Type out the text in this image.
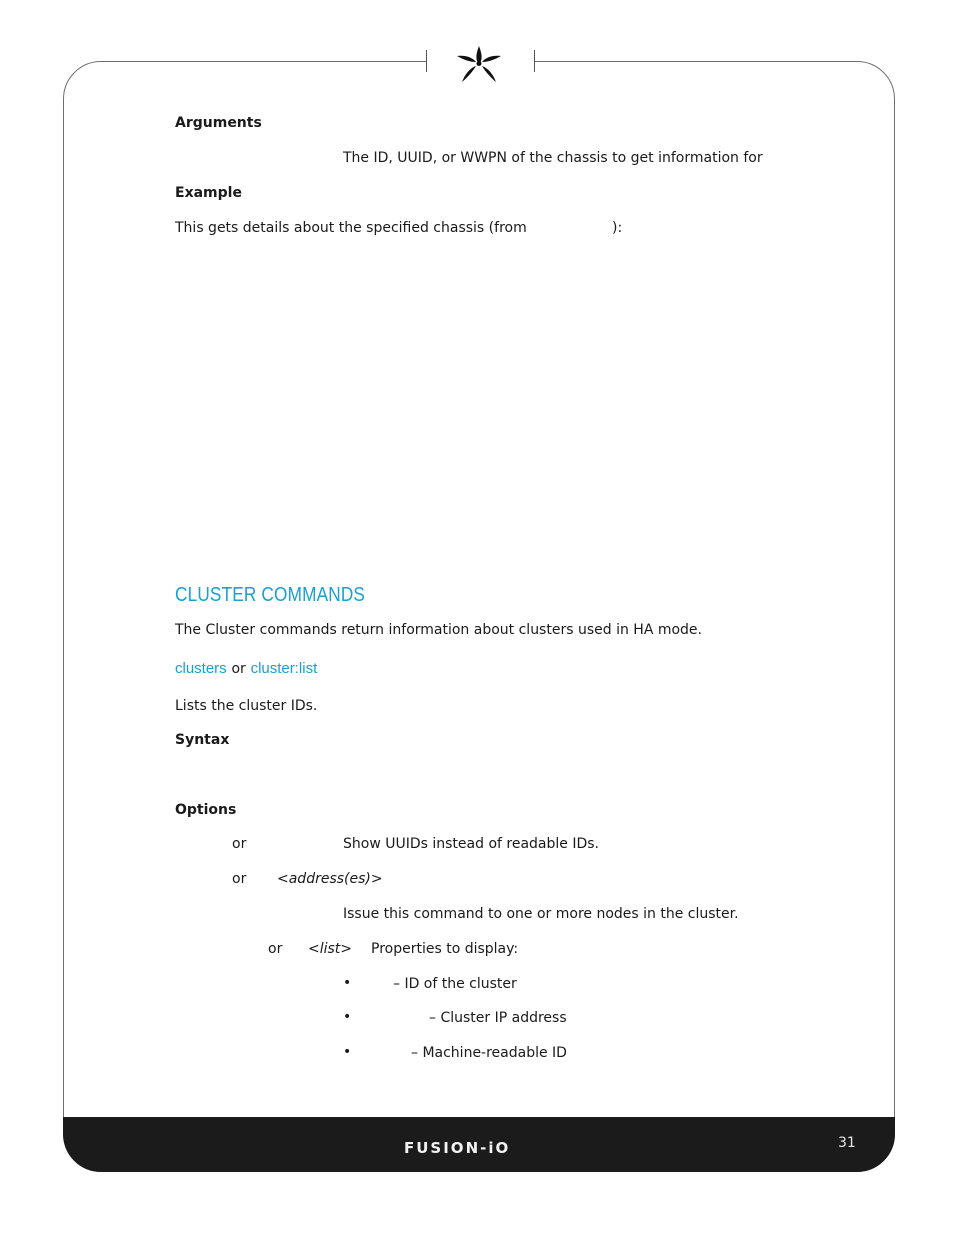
Arguments
The ID, UUID, or WWPN of the chassis to get information for
Example
This gets details about the specified chassis (from	):
CLUSTER COMMANDS
The Cluster commands return information about clusters used in HA mode.
clusters or cluster:list
Lists the cluster IDs.
Syntax
Options
or	Show UUIDs instead of readable IDs.
or <address(es)>
Issue this command to one or more nodes in the cluster.
or <list> Properties to display:
•	– ID of the cluster
•	– Cluster IP address
•	– Machine-readable ID
FUSION-iO	31
